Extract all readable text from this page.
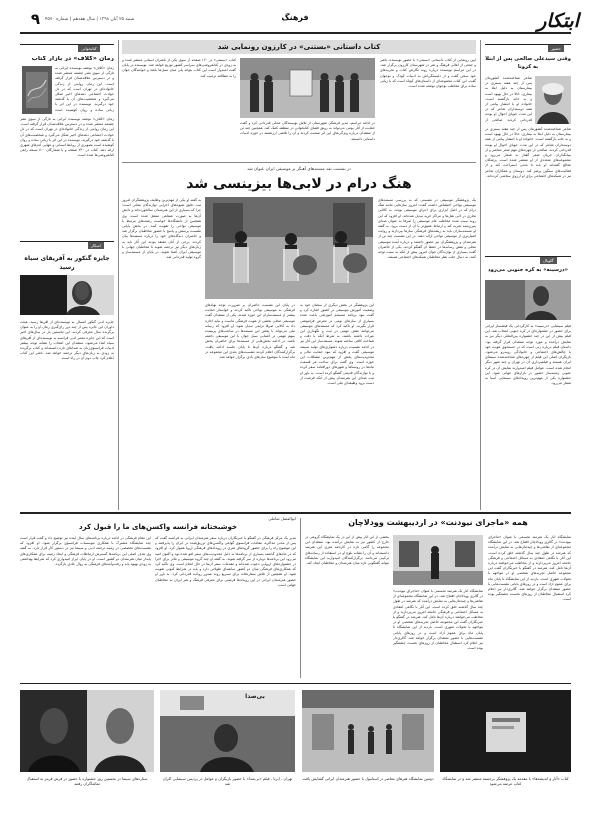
ابتکار
فرهنگ
شنبه ۲۵ آبان ۱۳۹۸ | سال هفدهم | شماره ۴۵۷۰
۹
کتابخوانی
رمان «کلاف» در بازار کتاب
رمان «کلاف» نوشته نویسنده ایرانی به تازگی از سوی نشر چشمه منتشر شده و در دسترس علاقه‌مندان قرار گرفته است. این رمان روایتی از زندگی خانواده‌ای در تهران است که در دل حوادث اجتماعی دهه‌های اخیر شکل می‌گیرد و شخصیت‌های آن با گذشته خود درگیرند. نویسنده در این اثر با زبانی ساده و روان کوشیده است
رمان «کلاف» نوشته نویسنده ایرانی به تازگی از سوی نشر چشمه منتشر شده و در دسترس علاقه‌مندان قرار گرفته است. این رمان روایتی از زندگی خانواده‌ای در تهران است که در دل حوادث اجتماعی دهه‌های اخیر شکل می‌گیرد و شخصیت‌های آن با گذشته خود درگیرند. نویسنده در این اثر با زبانی ساده و روان کوشیده است تصویری از روابط انسانی و تنهایی آدم‌های شهری ارائه دهد. کتاب در ۲۴۰ صفحه و با شمارگان ۷۰۰ نسخه راهی کتابفروشی‌ها شده است.
اسکار
جایزه گنکور به آفریقای سیاه رسید
جایزه ادبی گنکور امسال به نویسنده‌ای از آفریقا رسید. هیئت داوران این جایزه پس از چند دور رای‌گیری رمان او را به عنوان برگزیده سال معرفی کردند. این نخستین بار در سال‌های اخیر است که این جایزه معتبر ادبی فرانسه به نویسنده‌ای از آفریقای سیاه اهدا می‌شود. منتقدان این انتخاب را نشانه توجه بیشتر ادبیات فرانسوی‌زبان به صداهای تازه دانسته‌اند و کتاب برگزیده به زودی به زبان‌های دیگر ترجمه خواهد شد. ناشر این کتاب اعلام کرد چاپ دوم آن در راه است.
کتاب داستانی «بستنی» در کارزون رونمایی شد
آیین رونمایی از کتاب داستانی «بستنی» با حضور نویسنده، ناشر و جمعی از اهالی فرهنگ و هنر در شهرستان کارزون برگزار شد. در این مراسم نویسنده درباره روند نگارش کتاب و تجربه‌های خود سخن گفت و از دلبستگی‌اش به ادبیات کودک و نوجوان گفت. این کتاب مجموعه‌ای از داستان‌های کوتاه است که با زبانی ساده برای مخاطب نوجوان نوشته شده است.
در ادامه مراسم، مدیر فرهنگی شهرستان از تلاش نویسندگان محلی قدردانی کرد و گفت حمایت از آثار بومی می‌تواند به رونق فضای کتابخوانی در منطقه کمک کند. همچنین چند تن از منتقدان درباره ویژگی‌های این اثر صحبت کردند و آن را تلاشی ارزشمند در حوزه ادبیات داستانی دانستند.
کتاب «بستنی» در ۱۲۰ صفحه از سوی یکی از ناشران استانی منتشر شده و به زودی در کتابفروشی‌های سراسر کشور توزیع خواهد شد. نویسنده در پایان گفت امیدوار است این کتاب بتواند پلی میان نسل‌ها باشد و خوانندگان جوان را به مطالعه ترغیب کند.
در نشست نقد مستندهای آهنگر بر موسیقی ایران عنوان شد
هنگ درام در لابی‌ها بیزینسی شد
یک پژوهشگر موسیقی در نشستی که به بررسی مستندهای موسیقی نواحی اختصاص داشت گفت: امروز سازهایی مانند هنگ درام که در اصل ابزاری برای اجرای موسیقی بودند، به کالایی تجاری در لابی هتل‌ها و مراکز خرید تبدیل شده‌اند. او افزود که این روند سبب شده مخاطب عام موسیقی را صرفا به عنوان صدای پس‌زمینه تجربه کند و ارتباط عمیق‌تر با آن از دست برود. به گفته او مستندسازان باید به ریشه‌های فرهنگی سازها بپردازند و روایت اصیل‌تری از موسیقی نواحی ارائه دهند. در این نشست چند تن از هنرمندان و پژوهشگران نیز حضور داشتند و درباره آینده موسیقی محلی و نقش رسانه‌ها در حفظ آن گفتگو کردند. یکی از حاضران گفت بسیاری از نوازندگان جوان امروز بیش از آنکه به سنت توجه کنند، به دنبال جلب نظر مخاطبان شبکه‌های اجتماعی هستند.
این پژوهشگر در بخش دیگری از سخنان خود به وضعیت آموزش موسیقی در کشور اشاره کرد و گفت نبود برنامه منسجم آموزشی باعث شده بسیاری از سازهای بومی در معرض فراموشی قرار بگیرند. او تاکید کرد که مستندهای موسیقی می‌توانند نقش مهمی در ثبت و نگهداری این میراث داشته باشند، به شرط آنکه با دقت و شناخت کافی ساخته شوند. مستندساز این آثار نیز در ادامه نشست درباره دشواری‌های تولید مستند موسیقی گفت و افزود که نبود حمایت مالی و محدودیت‌های پخش از مهم‌ترین مشکلات این حوزه است. وی گفت برای ساخت هر قسمت ماه‌ها در روستاها و شهرهای دورافتاده سفر کرده و با نوازندگان قدیمی گفتگو کرده است. به باور او ثبت صدای این هنرمندان پیش از آنکه فرصت از دست برود وظیفه‌ای ملی است.
در پایان این نشست حاضران بر ضرورت توجه نهادهای فرهنگی به موسیقی نواحی تاکید کردند و خواستار حمایت بیشتر از مستندسازان این حوزه شدند. یکی از منتقدان گفت موسیقی محلی بخشی از هویت فرهنگی ماست و نباید اجازه داد به کالایی صرفا تزئینی تبدیل شود. او افزود که رسانه ملی می‌تواند با پخش این مستندها در ساعت‌های پربیننده سهم مهمی در آشنایی نسل جوان با این موسیقی داشته باشد. در ادامه بخش‌هایی از مستندها برای حاضران پخش شد و گفتگو درباره آن‌ها تا پایان جلسه ادامه یافت. برگزارکنندگان اعلام کردند نشست‌های بعدی این مجموعه در ماه آینده با موضوع سازهای بادی برگزار خواهد شد.
به گفته او یکی از مهم‌ترین وظایف پژوهشگران امروز ثبت دقیق شیوه‌های اجرایی نوازندگان محلی است؛ چرا که بسیاری از این هنرمندان سالخورده‌اند و دانش آن‌ها به صورت شفاهی منتقل شده است. وی همچنین از دانشگاه‌ها خواست رشته‌های مرتبط با موسیقی نواحی را تقویت کنند. در بخش پایانی نشست پرسش و پاسخ با حضور مخاطبان برگزار شد و حاضران دیدگاه‌های خود را درباره مستندها بیان کردند. برخی از آنان معتقد بودند این آثار باید به زبان‌های دیگر نیز ترجمه شوند تا مخاطبان جهانی با موسیقی ایران آشنا شوند. در پایان از مستندساز و گروه تولید قدردانی شد.
حضور
وقتی سیدعلی صالحی پس از ابتلا به کرونا
شاعر شناخته‌شده کشورمان پس از چند هفته بستری در بیمارستان به دلیل ابتلا به بیماری، حالا در حال بهبود است و به خانه بازگشته است. خانواده او با انتشار پیامی از همه دوستداران شاعر که در این مدت جویای احوال او بودند قدردانی کردند. صالحی از
شاعر شناخته‌شده کشورمان پس از چند هفته بستری در بیمارستان به دلیل ابتلا به بیماری، حالا در حال بهبود است و به خانه بازگشته است. خانواده او با انتشار پیامی از همه دوستداران شاعر که در این مدت جویای احوال او بودند قدردانی کردند. صالحی از چهره‌های مهم شعر معاصر و از بنیانگذاران جریان شعر گفتار به شمار می‌رود و مجموعه‌های متعددی از او منتشر شده است. پزشکان معالج گفته‌اند او باید تا مدتی استراحت کند و از فعالیت‌های سنگین پرهیز کند. دوستان و همکاران شاعر نیز در شبکه‌های اجتماعی برای او آرزوی سلامتی کرده‌اند.
گلوبال
«درسینه» به کره جنوبی می‌رود
فیلم سینمایی «درسینه» به کارگردانی یک فیلمساز ایرانی برای حضور در جشنواره‌ای در کره جنوبی انتخاب شد. این فیلم پیش از این در چند جشنواره بین‌المللی دیگر نیز به نمایش درآمده و مورد توجه منتقدان قرار گرفته بود. داستان فیلم درباره زنی است که در جستجوی هویت خود با چالش‌های اجتماعی و خانوادگی روبه‌رو می‌شود. بازیگران اصلی این فیلم از چهره‌های شناخته‌شده سینمای ایران هستند و فیلمبرداری آن در تهران و چند شهر دیگر انجام شده است. عوامل فیلم امیدوارند نمایش آن در کره جنوبی زمینه‌ساز حضور در بازارهای جهانی شود. این جشنواره یکی از مهم‌ترین رویدادهای سینمایی آسیا به شمار می‌رود.
همه «ماجرای نیودنت» در اردیبهشت وودلاچان
نمایشگاه آثار یک هنرمند تجسمی با عنوان «ماجرای نیودنت» در گالری وودلاچان افتتاح شد. در این نمایشگاه مجموعه‌ای از نقاشی‌ها و چیدمان‌هایی به نمایش درآمده که هنرمند در طول چند سال گذشته خلق کرده است. این آثار با نگاهی انتقادی به مسائل اجتماعی و فرهنگی جامعه امروز می‌پردازند و از مخاطب می‌خواهند درباره آن‌ها تامل کند. هنرمند در گفتگو با خبرنگاران گفت این مجموعه حاصل تجربه‌های شخصی او در مواجهه با تحولات شهری است. بازدید از این نمایشگاه تا پایان ماه برای عموم آزاد است و در روزهای پایانی نشست‌هایی با حضور منتقدان برگزار خواهد شد. گالری‌دار نیز اعلام کرد استقبال مخاطبان از روزهای نخست چشمگیر بوده است.
بخشی از این آثار پیش از این در یک نمایشگاه گروهی در خارج از کشور نیز به نمایش درآمده بود. منتقدان این مجموعه را گامی تازه در کارنامه هنری این هنرمند دانسته‌اند و آن را نشانه بلوغ او در استفاده از رسانه‌های ترکیبی می‌دانند. برگزارکنندگان امیدوارند این نمایشگاه بتواند گفتگویی تازه میان هنرمندان و مخاطبان ایجاد کند.
نمایشگاه آثار یک هنرمند تجسمی با عنوان «ماجرای نیودنت» در گالری وودلاچان افتتاح شد. در این نمایشگاه مجموعه‌ای از نقاشی‌ها و چیدمان‌هایی به نمایش درآمده که هنرمند در طول چند سال گذشته خلق کرده است. این آثار با نگاهی انتقادی به مسائل اجتماعی و فرهنگی جامعه امروز می‌پردازند و از مخاطب می‌خواهند درباره آن‌ها تامل کند. هنرمند در گفتگو با خبرنگاران گفت این مجموعه حاصل تجربه‌های شخصی او در مواجهه با تحولات شهری است. بازدید از این نمایشگاه تا پایان ماه برای عموم آزاد است و در روزهای پایانی نشست‌هایی با حضور منتقدان برگزار خواهد شد. گالری‌دار نیز اعلام کرد استقبال مخاطبان از روزهای نخست چشمگیر بوده است.
ابوالفضل شاملی
خوشبختانه فرانسه واکسن‌های ما را قبول کرد
مدیر یک مرکز فرهنگی در گفتگو با خبرنگاران درباره سفر هنرمندان ایرانی به فرانسه گفت که پس از مدتی مذاکره، مقامات فرانسوی گواهی واکسن‌های تزریق‌شده در ایران را پذیرفتند و این موضوع راه را برای حضور گروه‌های هنری در رویدادهای فرهنگی اروپا هموار کرد. او افزود که در ماه‌های گذشته بسیاری از برنامه‌ها به دلیل محدودیت‌های سفر لغو شده بود و اکنون امید می‌رود این برنامه‌ها دوباره از سر گرفته شوند. به گفته او چند گروه موسیقی و تئاتر برای اجرا در جشنواره‌های اروپایی دعوت شده‌اند و مقدمات سفر آن‌ها در حال انجام است. وی تاکید کرد که همکاری‌های فرهنگی میان دو کشور سابقه‌ای طولانی دارد و باید در شرایط کنونی تقویت شود. او همچنین از تلاش سفارتخانه برای تسریع روند صدور روادید قدردانی کرد. به باور او حضور هنرمندان ایرانی در این رویدادها فرصتی برای معرفی فرهنگ و هنر ایران به مخاطبان جهانی است.
این مقام فرهنگی در ادامه درباره برنامه‌های سال آینده نیز توضیح داد و گفت قرار است چند نمایشگاه مشترک با همکاری موسسات فرانسوی برگزار شود. او افزود که نشست‌های تخصصی در زمینه ترجمه ادبی و سینما نیز در دستور کار قرار دارد. به گفته وی هدف اصلی این برنامه‌ها گسترش ارتباطات فرهنگی و ایجاد زمینه برای همکاری‌های پایدار میان هنرمندان دو کشور است. او در پایان ابراز امیدواری کرد که شرایط بهداشتی به زودی بهبود یابد و رفت‌وآمدهای فرهنگی به روال عادی بازگردد.
کتاب «آثار و اندیشه‌ها» با مقدمه یک پژوهشگر برجسته منتشر شد و در نمایشگاه کتاب عرضه می‌شود
دومین نمایشگاه هنرهای معاصر در استانبول با حضور هنرمندان ایرانی گشایش یافت
بی‌صدا
تهران - ایرنا - فیلم «بی‌صدا» با حضور بازیگران و عوامل در پردیس سینمایی اکران شد
ستاره‌های سینما در نخستین روز جشنواره با حضور در فرش قرمز به استقبال تماشاگران رفتند
